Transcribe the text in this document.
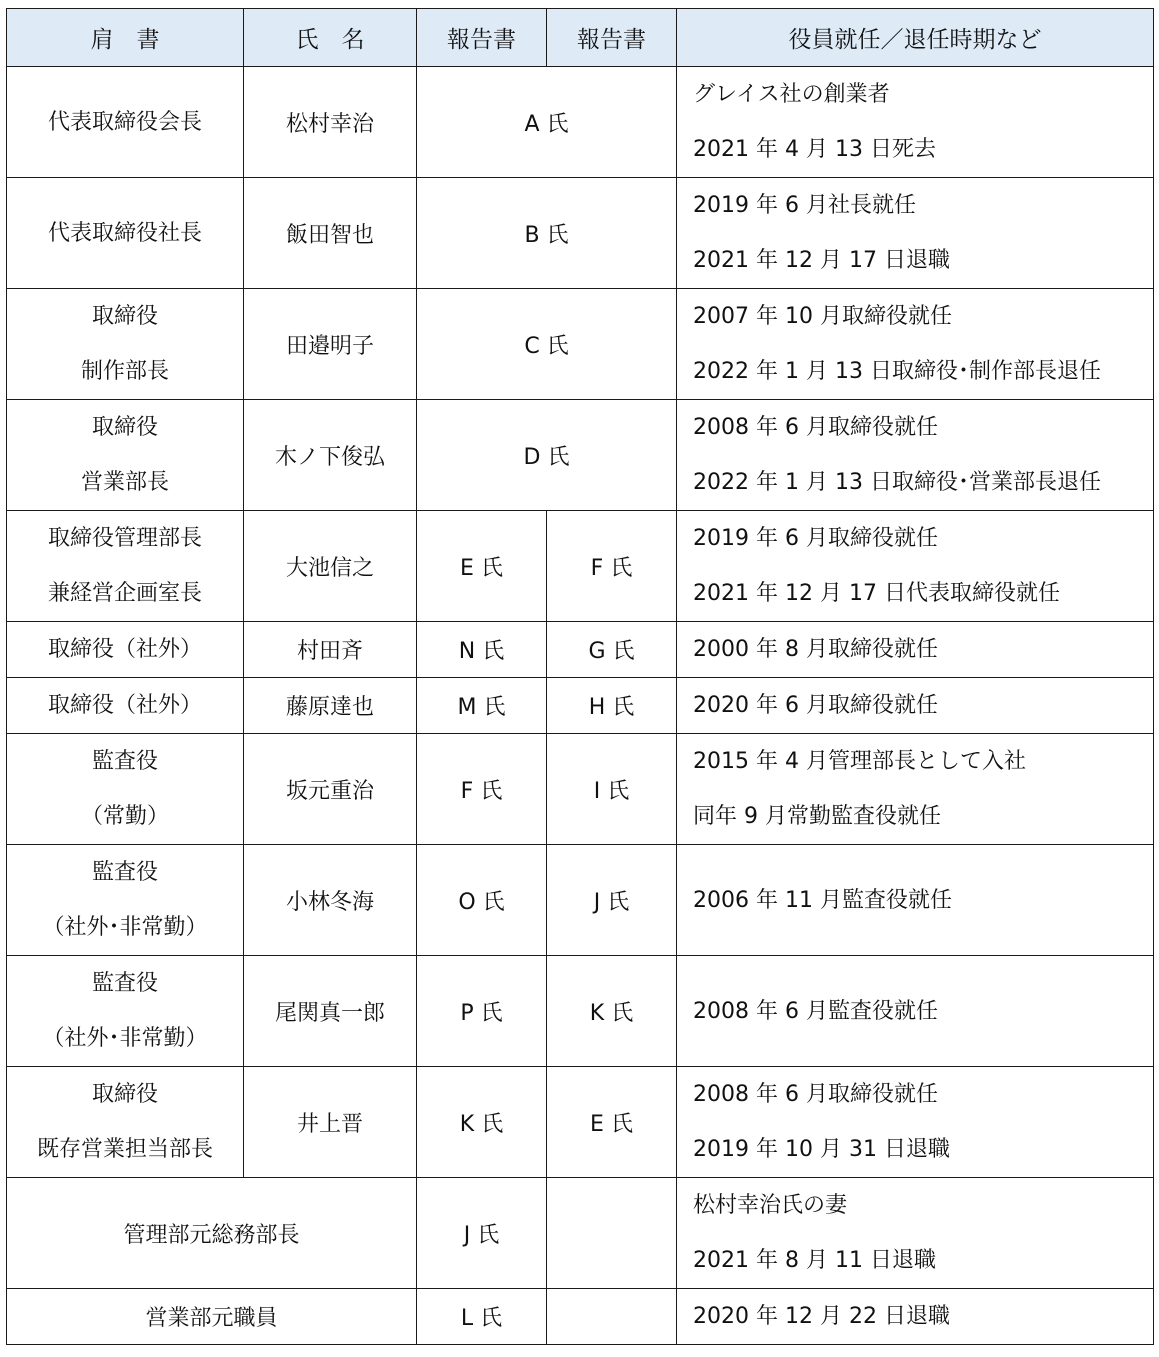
肩　書	氏　名	報告書	報告書	役員就任／退任時期など

代表取締役会長	松村幸治	A 氏		グレイス社の創業者
2021 年 4 月 13 日死去

代表取締役社長	飯田智也	B 氏		2019 年 6 月社長就任
2021 年 12 月 17 日退職

取締役
制作部長	田邉明子	C 氏		2007 年 10 月取締役就任
2022 年 1 月 13 日取締役･制作部長退任

取締役
営業部長	木ノ下俊弘	D 氏		2008 年 6 月取締役就任
2022 年 1 月 13 日取締役･営業部長退任

取締役管理部長
兼経営企画室長	大池信之	E 氏	F 氏	2019 年 6 月取締役就任
2021 年 12 月 17 日代表取締役就任

取締役（社外）	村田斉	N 氏	G 氏	2000 年 8 月取締役就任

取締役（社外）	藤原達也	M 氏	H 氏	2020 年 6 月取締役就任

監査役
（常勤）	坂元重治	F 氏	I 氏	2015 年 4 月管理部長として入社
同年 9 月常勤監査役就任

監査役
（社外･非常勤）	小林冬海	O 氏	J 氏	2006 年 11 月監査役就任

監査役
（社外･非常勤）	尾関真一郎	P 氏	K 氏	2008 年 6 月監査役就任

取締役
既存営業担当部長	井上晋	K 氏	E 氏	2008 年 6 月取締役就任
2019 年 10 月 31 日退職

管理部元総務部長		J 氏		松村幸治氏の妻
2021 年 8 月 11 日退職

営業部元職員		L 氏		2020 年 12 月 22 日退職
